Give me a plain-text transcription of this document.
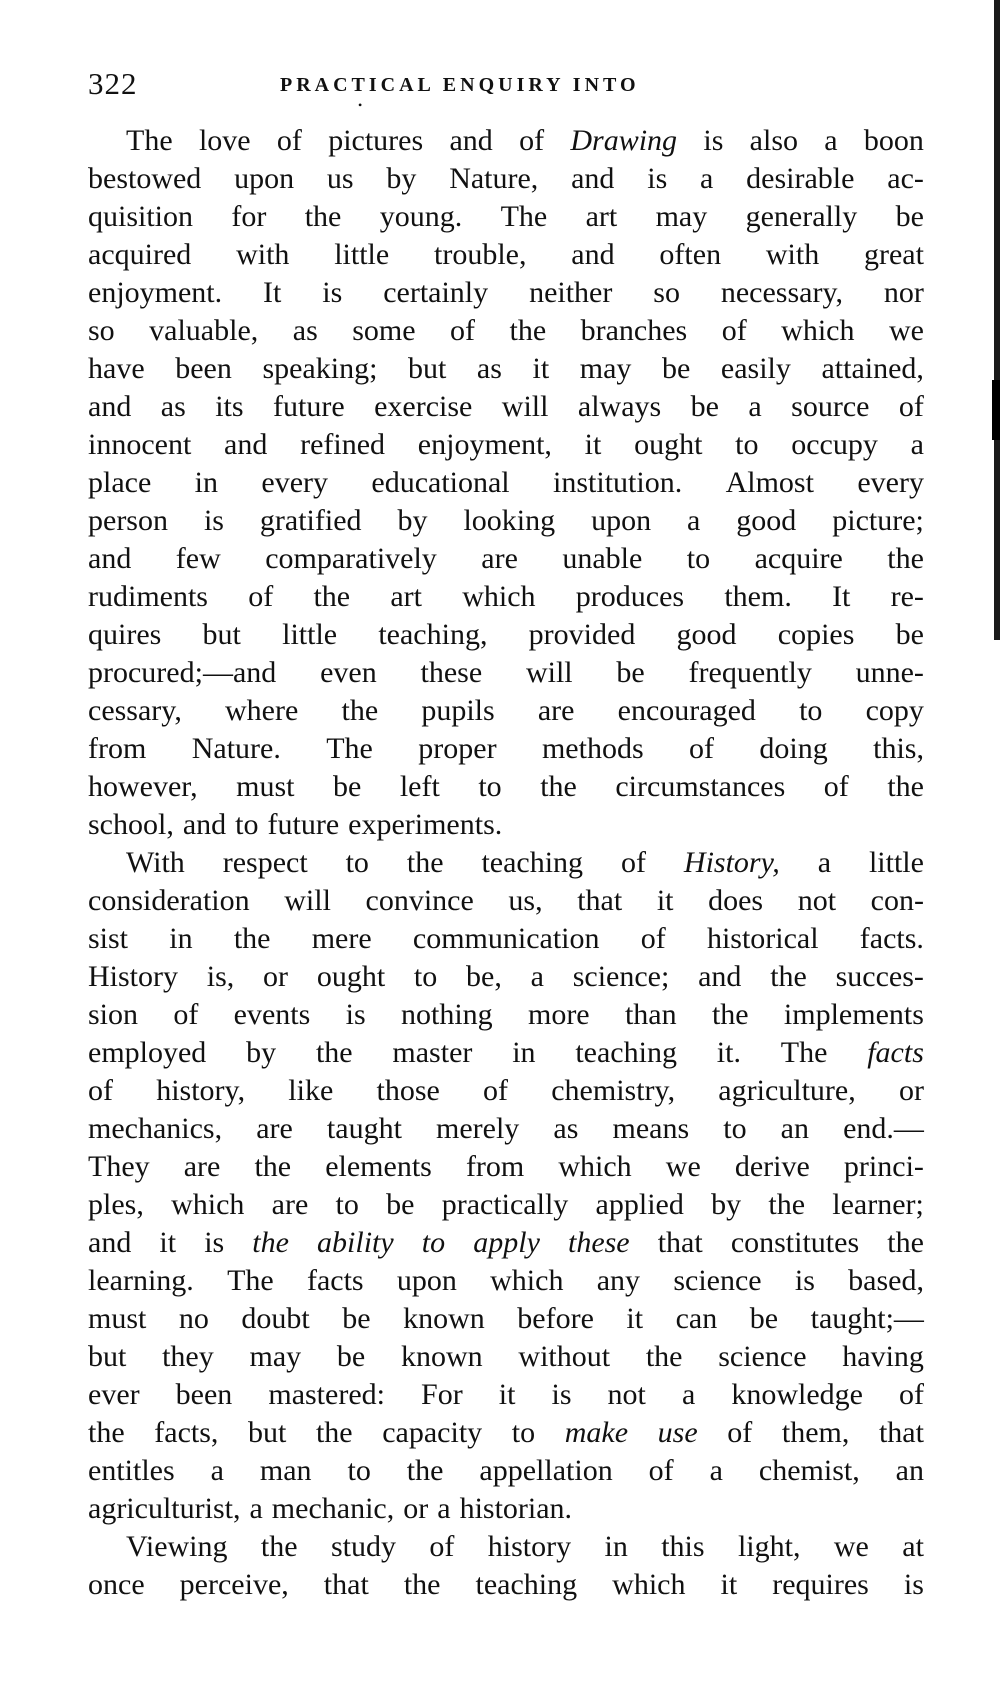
322	PRACTICAL ENQUIRY INTO
•
The love of pictures and of Drawing is also a boon
bestowed upon us by Nature, and is a desirable ac-
quisition for the young. The art may generally be
acquired with little trouble, and often with great
enjoyment. It is certainly neither so necessary, nor
so valuable, as some of the branches of which we
have been speaking; but as it may be easily attained,
and as its future exercise will always be a source of
innocent and refined enjoyment, it ought to occupy a
place in every educational institution. Almost every
person is gratified by looking upon a good picture;
and few comparatively are unable to acquire the
rudiments of the art which produces them. It re-
quires but little teaching, provided good copies be
procured;—and even these will be frequently unne-
cessary, where the pupils are encouraged to copy
from Nature. The proper methods of doing this,
however, must be left to the circumstances of the
school, and to future experiments.
With respect to the teaching of History, a little
consideration will convince us, that it does not con-
sist in the mere communication of historical facts.
History is, or ought to be, a science; and the succes-
sion of events is nothing more than the implements
employed by the master in teaching it. The facts
of history, like those of chemistry, agriculture, or
mechanics, are taught merely as means to an end.—
They are the elements from which we derive princi-
ples, which are to be practically applied by the learner;
and it is the ability to apply these that constitutes the
learning. The facts upon which any science is based,
must no doubt be known before it can be taught;—
but they may be known without the science having
ever been mastered: For it is not a knowledge of
the facts, but the capacity to make use of them, that
entitles a man to the appellation of a chemist, an
agriculturist, a mechanic, or a historian.
Viewing the study of history in this light, we at
once perceive, that the teaching which it requires is
